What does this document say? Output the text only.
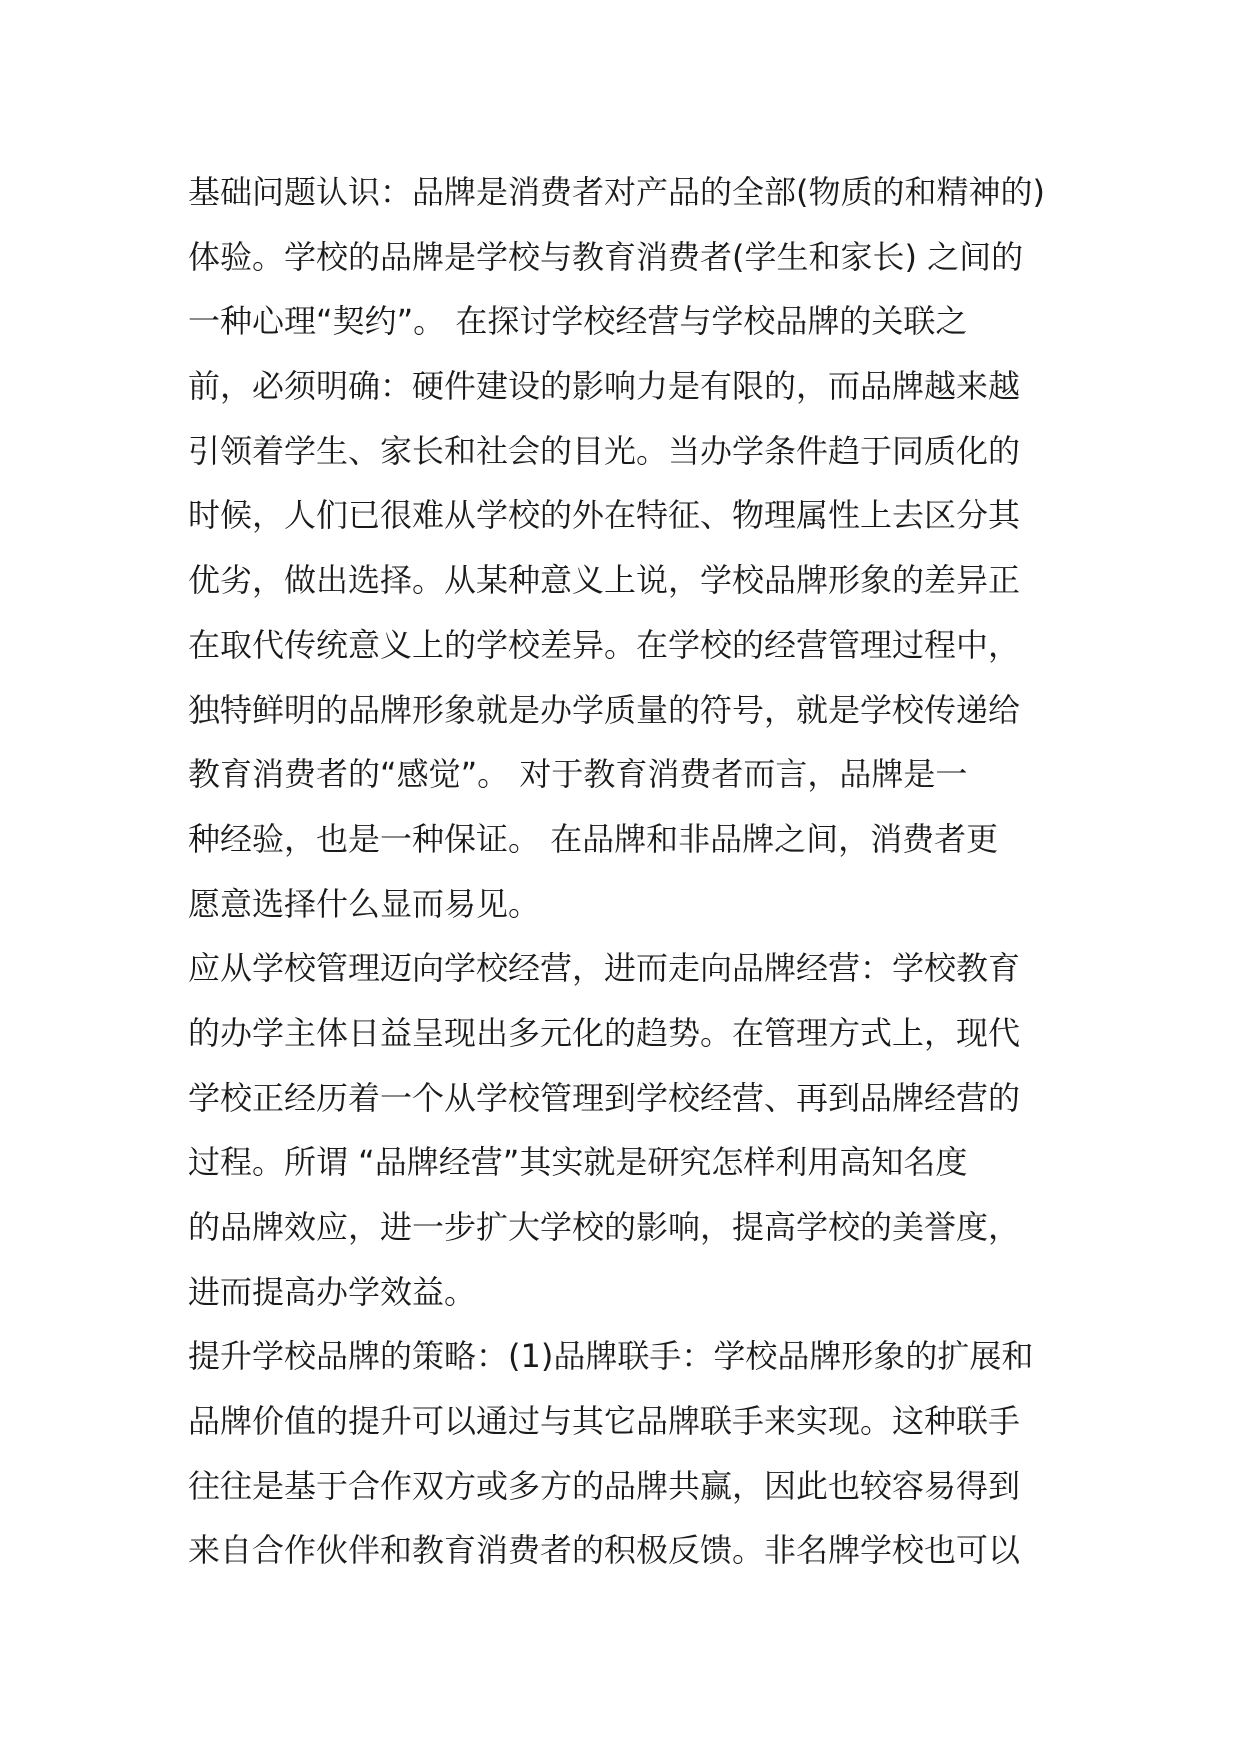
基础问题认识：品牌是消费者对产品的全部(物质的和精神的)
体验。学校的品牌是学校与教育消费者(学生和家长) 之间的
一种心理“契约”。 在探讨学校经营与学校品牌的关联之
前，必须明确：硬件建设的影响力是有限的，而品牌越来越
引领着学生、家长和社会的目光。当办学条件趋于同质化的
时候，人们已很难从学校的外在特征、物理属性上去区分其
优劣，做出选择。从某种意义上说，学校品牌形象的差异正
在取代传统意义上的学校差异。在学校的经营管理过程中，
独特鲜明的品牌形象就是办学质量的符号，就是学校传递给
教育消费者的“感觉”。 对于教育消费者而言，品牌是一
种经验，也是一种保证。 在品牌和非品牌之间，消费者更
愿意选择什么显而易见。
应从学校管理迈向学校经营，进而走向品牌经营：学校教育
的办学主体日益呈现出多元化的趋势。在管理方式上，现代
学校正经历着一个从学校管理到学校经营、再到品牌经营的
过程。所谓 “品牌经营”其实就是研究怎样利用高知名度
的品牌效应，进一步扩大学校的影响，提高学校的美誉度，
进而提高办学效益。
提升学校品牌的策略：(1)品牌联手：学校品牌形象的扩展和
品牌价值的提升可以通过与其它品牌联手来实现。这种联手
往往是基于合作双方或多方的品牌共赢，因此也较容易得到
来自合作伙伴和教育消费者的积极反馈。非名牌学校也可以
